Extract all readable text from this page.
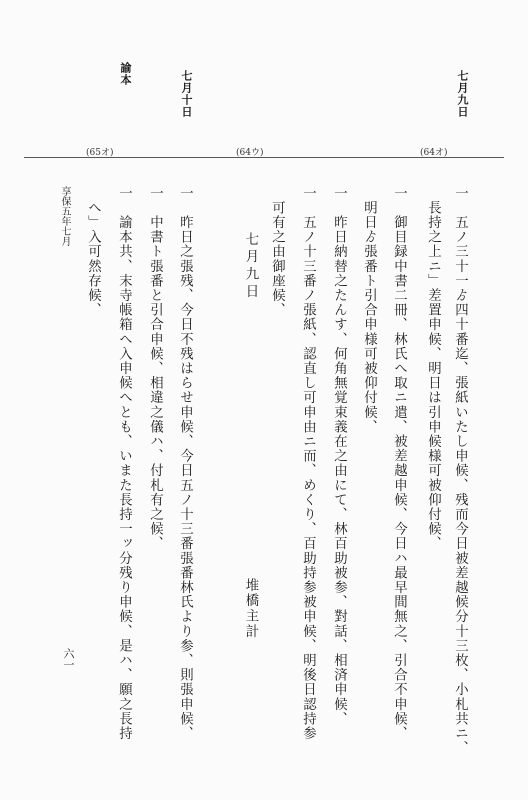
七月九日
七月十日
諭本
(64オ)
(64ウ)
(65オ)
一　五ノ三十一ゟ四十番迄、張紙いたし申候、残而今日被差越候分十三枚、小札共ニ、
　長持之上ニ」差置申候、明日は引申候様可被仰付候、
一　御目録中書二冊、林氏へ取ニ遣、被差越申候、今日ハ最早間無之、引合不申候、
　明日ゟ張番ト引合申様可被仰付候、
一　昨日納替之たんす、何角無覚束義在之由にて、林百助被参、對話、相済申候、
一　五ノ十三番ノ張紙、認直し可申由ニ而、めくり、百助持参被申候、明後日認持参
　可有之由御座候、
七月九日
堆橋主計
一　昨日之張残、今日不残はらせ申候、今日五ノ十三番張番林氏より参、則張申候、
一　中書ト張番と引合申候、相違之儀ハ、付札有之候、
一　諭本共、末寺帳箱へ入申候へとも、いまた長持一ッ分残り申候、是ハ、願之長持
　へ」入可然存候、
享保五年七月
六一
